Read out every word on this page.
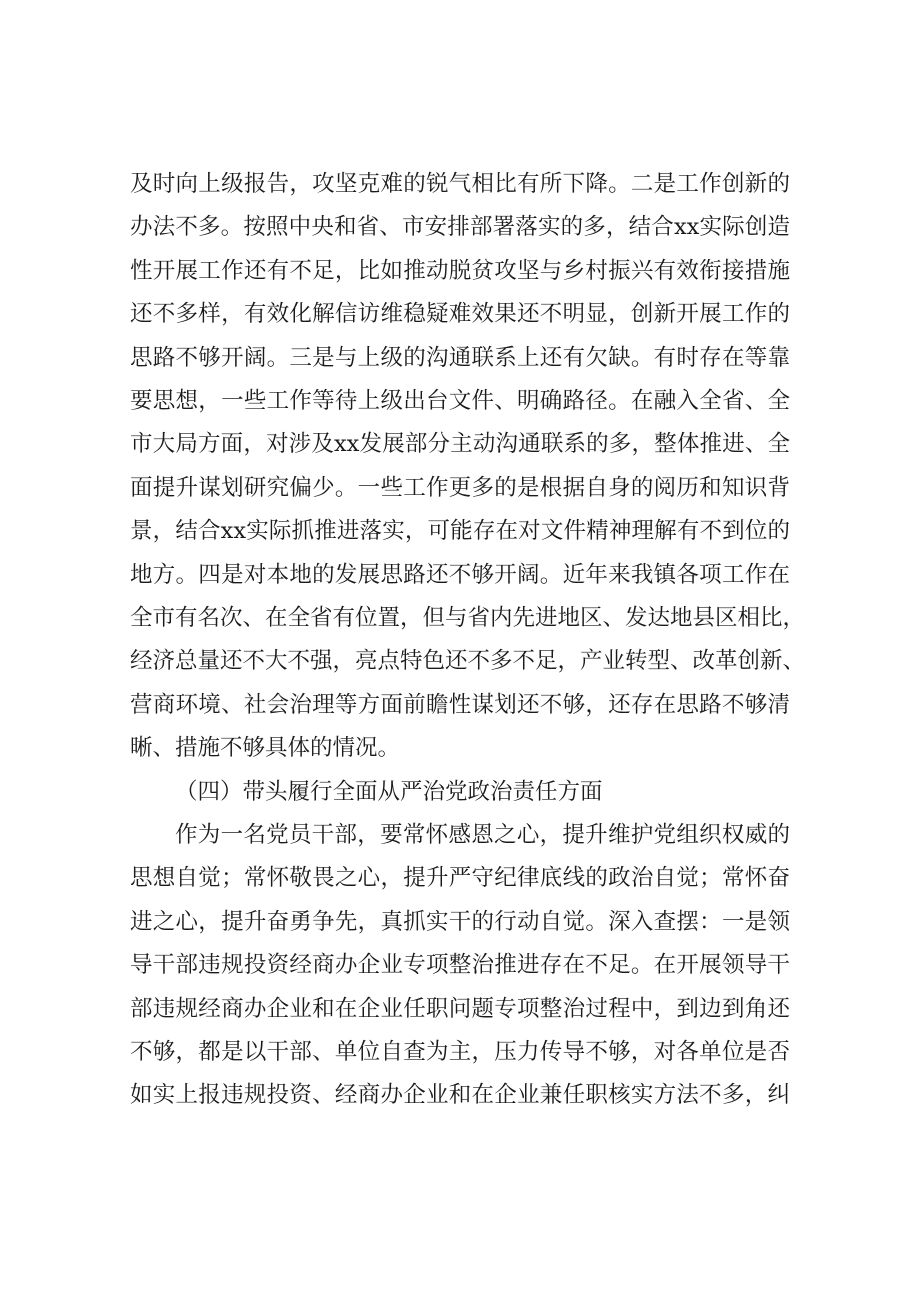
及时向上级报告，攻坚克难的锐气相比有所下降。二是工作创新的
办法不多。按照中央和省、市安排部署落实的多，结合xx实际创造
性开展工作还有不足，比如推动脱贫攻坚与乡村振兴有效衔接措施
还不多样，有效化解信访维稳疑难效果还不明显，创新开展工作的
思路不够开阔。三是与上级的沟通联系上还有欠缺。有时存在等靠
要思想，一些工作等待上级出台文件、明确路径。在融入全省、全
市大局方面，对涉及xx发展部分主动沟通联系的多，整体推进、全
面提升谋划研究偏少。一些工作更多的是根据自身的阅历和知识背
景，结合xx实际抓推进落实，可能存在对文件精神理解有不到位的
地方。四是对本地的发展思路还不够开阔。近年来我镇各项工作在
全市有名次、在全省有位置，但与省内先进地区、发达地县区相比，
经济总量还不大不强，亮点特色还不多不足，产业转型、改革创新、
营商环境、社会治理等方面前瞻性谋划还不够，还存在思路不够清
晰、措施不够具体的情况。
（四）带头履行全面从严治党政治责任方面
作为一名党员干部，要常怀感恩之心，提升维护党组织权威的
思想自觉；常怀敬畏之心，提升严守纪律底线的政治自觉；常怀奋
进之心，提升奋勇争先，真抓实干的行动自觉。深入查摆：一是领
导干部违规投资经商办企业专项整治推进存在不足。在开展领导干
部违规经商办企业和在企业任职问题专项整治过程中，到边到角还
不够，都是以干部、单位自查为主，压力传导不够，对各单位是否
如实上报违规投资、经商办企业和在企业兼任职核实方法不多，纠
